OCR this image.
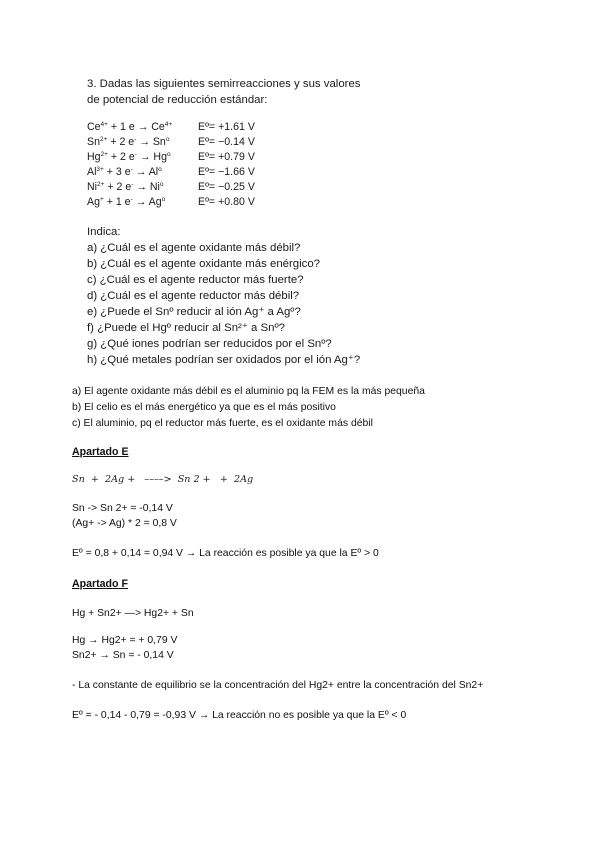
3. Dadas las siguientes semirreacciones y sus valores
de potencial de reducción estándar:
$Ce^{4+} + 1$ $e \to Ce^{4+}$ Eº= +1.61 V
$Sn^{2+} + 2$ $e^- \to Sn^o$	Eº= −0.14 V
$Hg^{2+} + 2$ $e^- \to Hg^o$	Eº= +0.79 V
$Al^{3+} + 3$ $e^- \to Al^o$	Eº= −1.66 V
$Ni^{2+} + 2$ $e^- \to Ni^o$	Eº= −0.25 V
Ag+ + 1 $e^- \to Ag^o$	Eº= +0.80 V
Indica:
a) ¿Cuál es el agente oxidante más débil?
b) ¿Cuál es el agente oxidante más enérgico?
c) ¿Cuál es el agente reductor más fuerte?
d) ¿Cuál es el agente reductor más débil?
e) ¿Puede el Snº reducir al ión Ag⁺ a Agº?
f) ¿Puede el Hgº reducir al Sn²⁺ a Snº?
g) ¿Qué iones podrían ser reducidos por el Snº?
h) ¿Qué metales podrían ser oxidados por el ión Ag⁺?
a) El agente oxidante más débil es el aluminio pq la FEM es la más pequeña
b) El celio es el más energético ya que es el más positivo
c) El aluminio, pq el reductor más fuerte, es el oxidante más débil
Apartado E
Sn  +  2Ag +   ––––>  Sn 2 +   +  2Ag
Sn -> Sn 2+ = -0,14 V
(Ag+ -> Ag) * 2 = 0,8 V
Eº = 0,8 + 0,14 = 0,94 V → La reacción es posible ya que la Eº > 0
Apartado F
Hg + Sn2+ —> Hg2+ + Sn
Hg → Hg2+ = + 0,79 V
Sn2+ → Sn = - 0,14 V
- La constante de equilibrio se la concentración del Hg2+ entre la concentración del Sn2+
Eº = - 0,14 - 0,79 = -0,93 V → La reacción no es posible ya que la Eº < 0
